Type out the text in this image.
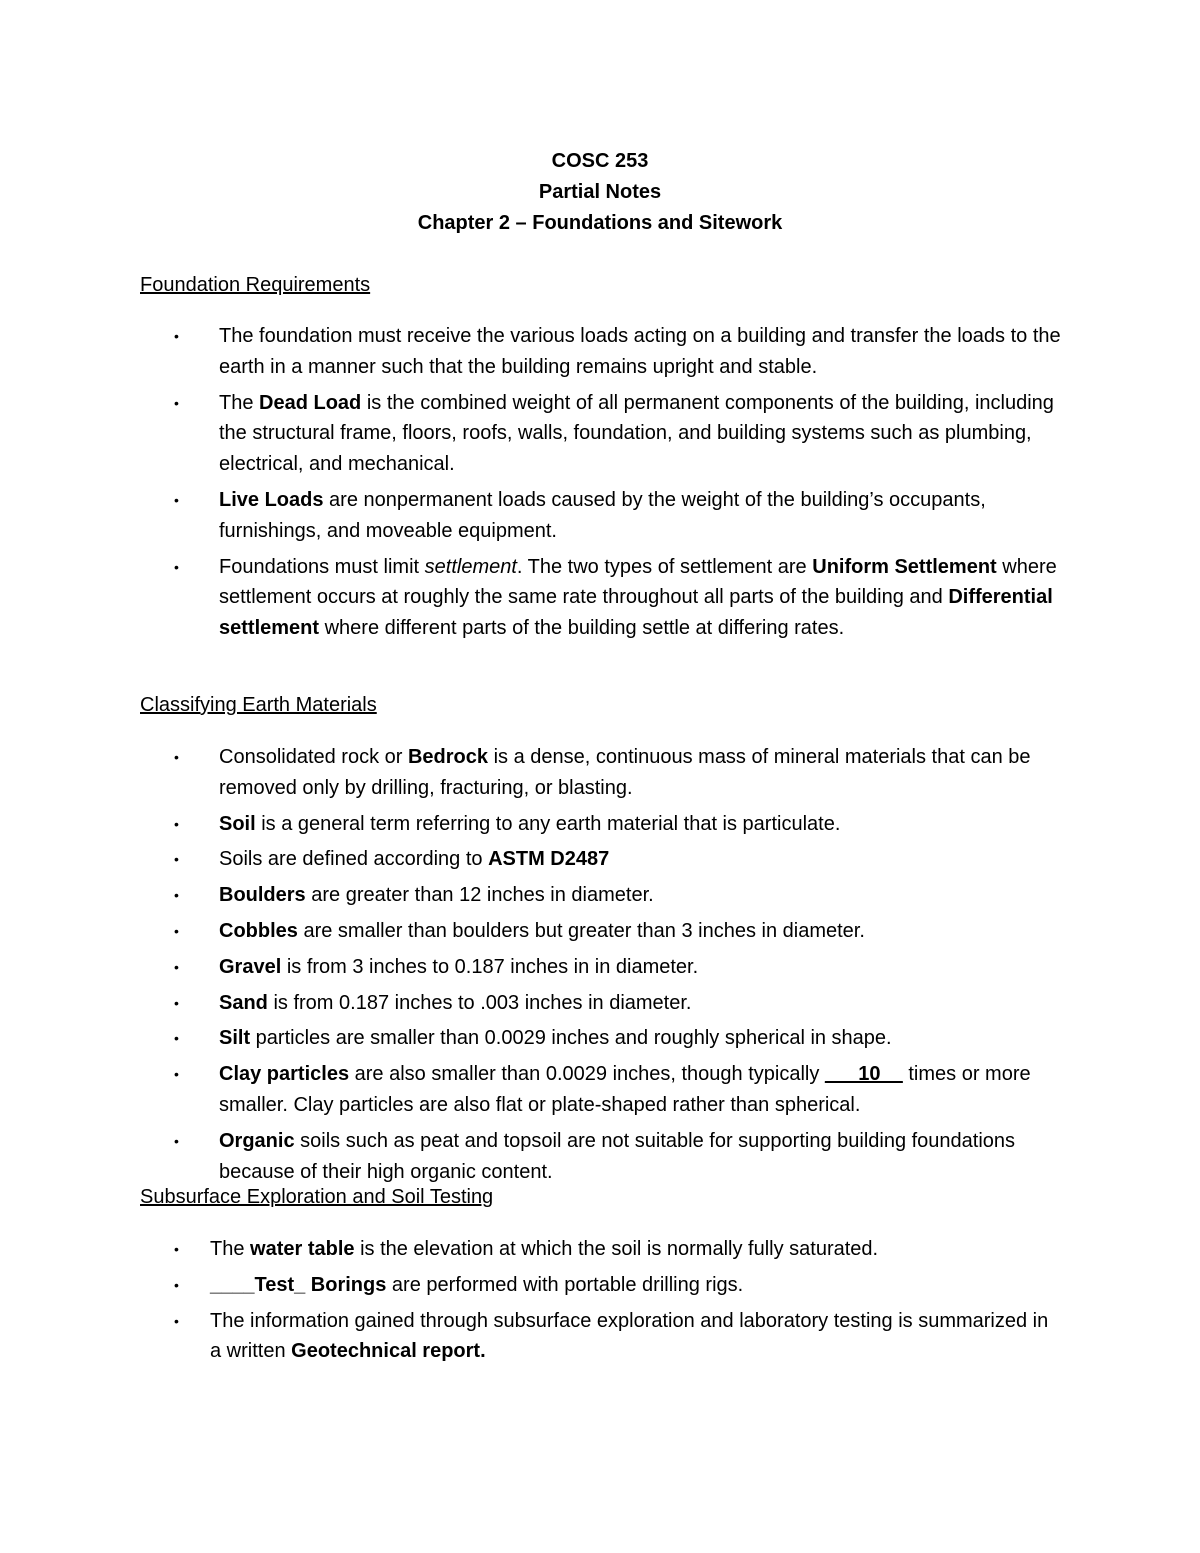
COSC 253
Partial Notes
Chapter 2 – Foundations and Sitework
Foundation Requirements
• The foundation must receive the various loads acting on a building and transfer the loads to the earth in a manner such that the building remains upright and stable.
• The Dead Load is the combined weight of all permanent components of the building, including the structural frame, floors, roofs, walls, foundation, and building systems such as plumbing, electrical, and mechanical.
• Live Loads are nonpermanent loads caused by the weight of the building’s occupants, furnishings, and moveable equipment.
• Foundations must limit settlement. The two types of settlement are Uniform Settlement where settlement occurs at roughly the same rate throughout all parts of the building and Differential settlement where different parts of the building settle at differing rates.
Classifying Earth Materials
• Consolidated rock or Bedrock is a dense, continuous mass of mineral materials that can be removed only by drilling, fracturing, or blasting.
• Soil is a general term referring to any earth material that is particulate.
• Soils are defined according to ASTM D2487
• Boulders are greater than 12 inches in diameter.
• Cobbles are smaller than boulders but greater than 3 inches in diameter.
• Gravel is from 3 inches to 0.187 inches in in diameter.
• Sand is from 0.187 inches to .003 inches in diameter.
• Silt particles are smaller than 0.0029 inches and roughly spherical in shape.
• Clay particles are also smaller than 0.0029 inches, though typically ___10__ times or more smaller. Clay particles are also flat or plate-shaped rather than spherical.
• Organic soils such as peat and topsoil are not suitable for supporting building foundations because of their high organic content.
Subsurface Exploration and Soil Testing
• The water table is the elevation at which the soil is normally fully saturated.
• ____Test_ Borings are performed with portable drilling rigs.
• The information gained through subsurface exploration and laboratory testing is summarized in a written Geotechnical report.
